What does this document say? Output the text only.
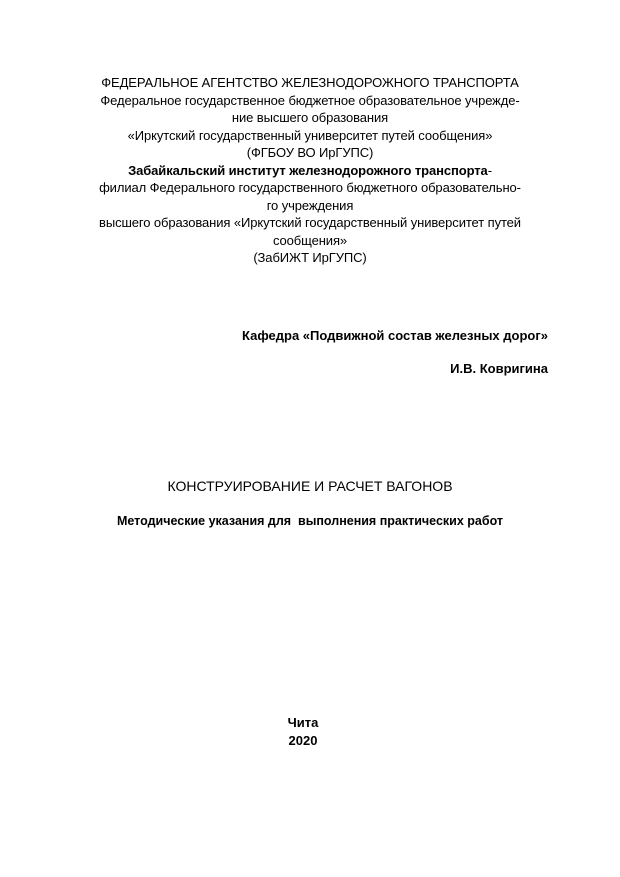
ФЕДЕРАЛЬНОЕ АГЕНТСТВО ЖЕЛЕЗНОДОРОЖНОГО ТРАНСПОРТА
Федеральное государственное бюджетное образовательное учрежде-
ние высшего образования
«Иркутский государственный университет путей сообщения»
(ФГБОУ ВО ИрГУПС)
Забайкальский институт железнодорожного транспорта-
филиал Федерального государственного бюджетного образовательно-
го учреждения
высшего образования «Иркутский государственный университет путей
сообщения»
(ЗабИЖТ ИрГУПС)
Кафедра «Подвижной состав железных дорог»
И.В. Ковригина
КОНСТРУИРОВАНИЕ И РАСЧЕТ ВАГОНОВ
Методические указания для  выполнения практических работ
Чита
2020
